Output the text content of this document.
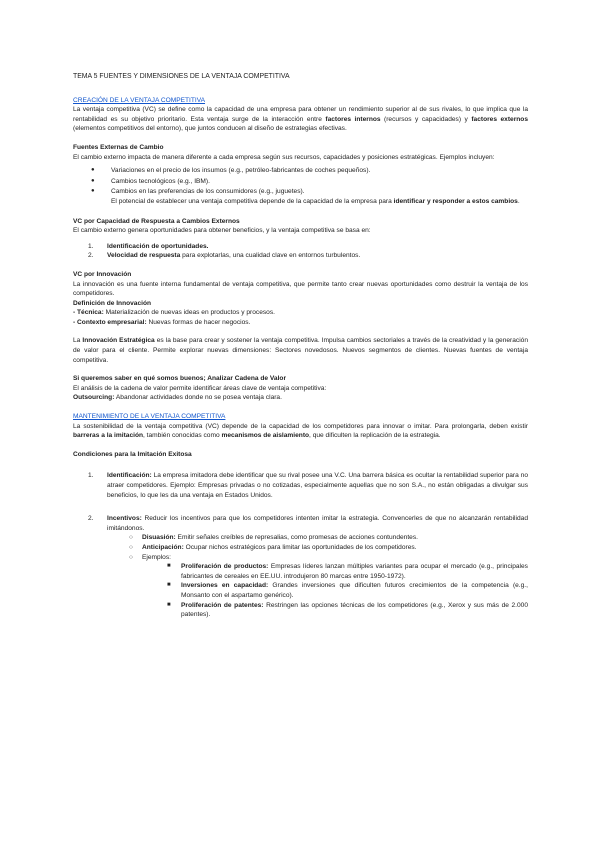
TEMA 5 FUENTES Y DIMENSIONES DE LA VENTAJA COMPETITIVA

CREACIÓN DE LA VENTAJA COMPETITIVA

La ventaja competitiva (VC) se define como la capacidad de una empresa para obtener un rendimiento superior al de sus rivales, lo que implica que la rentabilidad es su objetivo prioritario. Esta ventaja surge de la interacción entre factores internos (recursos y capacidades) y factores externos (elementos competitivos del entorno), que juntos conducen al diseño de estrategias efectivas.

Fuentes Externas de Cambio

El cambio externo impacta de manera diferente a cada empresa según sus recursos, capacidades y posiciones estratégicas. Ejemplos incluyen:

● Variaciones en el precio de los insumos (e.g., petróleo-fabricantes de coches pequeños).
● Cambios tecnológicos (e.g., IBM).
● Cambios en las preferencias de los consumidores (e.g., juguetes).
El potencial de establecer una ventaja competitiva depende de la capacidad de la empresa para identificar y responder a estos cambios.

VC por Capacidad de Respuesta a Cambios Externos

El cambio externo genera oportunidades para obtener beneficios, y la ventaja competitiva se basa en:

1. Identificación de oportunidades.
2. Velocidad de respuesta para explotarlas, una cualidad clave en entornos turbulentos.

VC por Innovación

La innovación es una fuente interna fundamental de ventaja competitiva, que permite tanto crear nuevas oportunidades como destruir la ventaja de los competidores.

Definición de Innovación

- Técnica: Materialización de nuevas ideas en productos y procesos.

- Contexto empresarial: Nuevas formas de hacer negocios.

La Innovación Estratégica es la base para crear y sostener la ventaja competitiva. Impulsa cambios sectoriales a través de la creatividad y la generación de valor para el cliente. Permite explorar nuevas dimensiones: Sectores novedosos. Nuevos segmentos de clientes. Nuevas fuentes de ventaja competitiva.

Si queremos saber en qué somos buenos; Analizar Cadena de Valor

El análisis de la cadena de valor permite identificar áreas clave de ventaja competitiva:

Outsourcing: Abandonar actividades donde no se posea ventaja clara.

MANTENIMIENTO DE LA VENTAJA COMPETITIVA

La sostenibilidad de la ventaja competitiva (VC) depende de la capacidad de los competidores para innovar o imitar. Para prolongarla, deben existir barreras a la imitación, también conocidas como mecanismos de aislamiento, que dificulten la replicación de la estrategia.

Condiciones para la Imitación Exitosa

1. Identificación: La empresa imitadora debe identificar que su rival posee una V.C. Una barrera básica es ocultar la rentabilidad superior para no atraer competidores. Ejemplo: Empresas privadas o no cotizadas, especialmente aquellas que no son S.A., no están obligadas a divulgar sus beneficios, lo que les da una ventaja en Estados Unidos.
2. Incentivos: Reducir los incentivos para que los competidores intenten imitar la estrategia. Convencerles de que no alcanzarán rentabilidad imitándonos.
○ Disuasión: Emitir señales creíbles de represalias, como promesas de acciones contundentes.
○ Anticipación: Ocupar nichos estratégicos para limitar las oportunidades de los competidores.
○ Ejemplos:
■ Proliferación de productos: Empresas líderes lanzan múltiples variantes para ocupar el mercado (e.g., principales fabricantes de cereales en EE.UU. introdujeron 80 marcas entre 1950-1972).
■ Inversiones en capacidad: Grandes inversiones que dificulten futuros crecimientos de la competencia (e.g., Monsanto con el aspartamo genérico).
■ Proliferación de patentes: Restringen las opciones técnicas de los competidores (e.g., Xerox y sus más de 2.000 patentes).
